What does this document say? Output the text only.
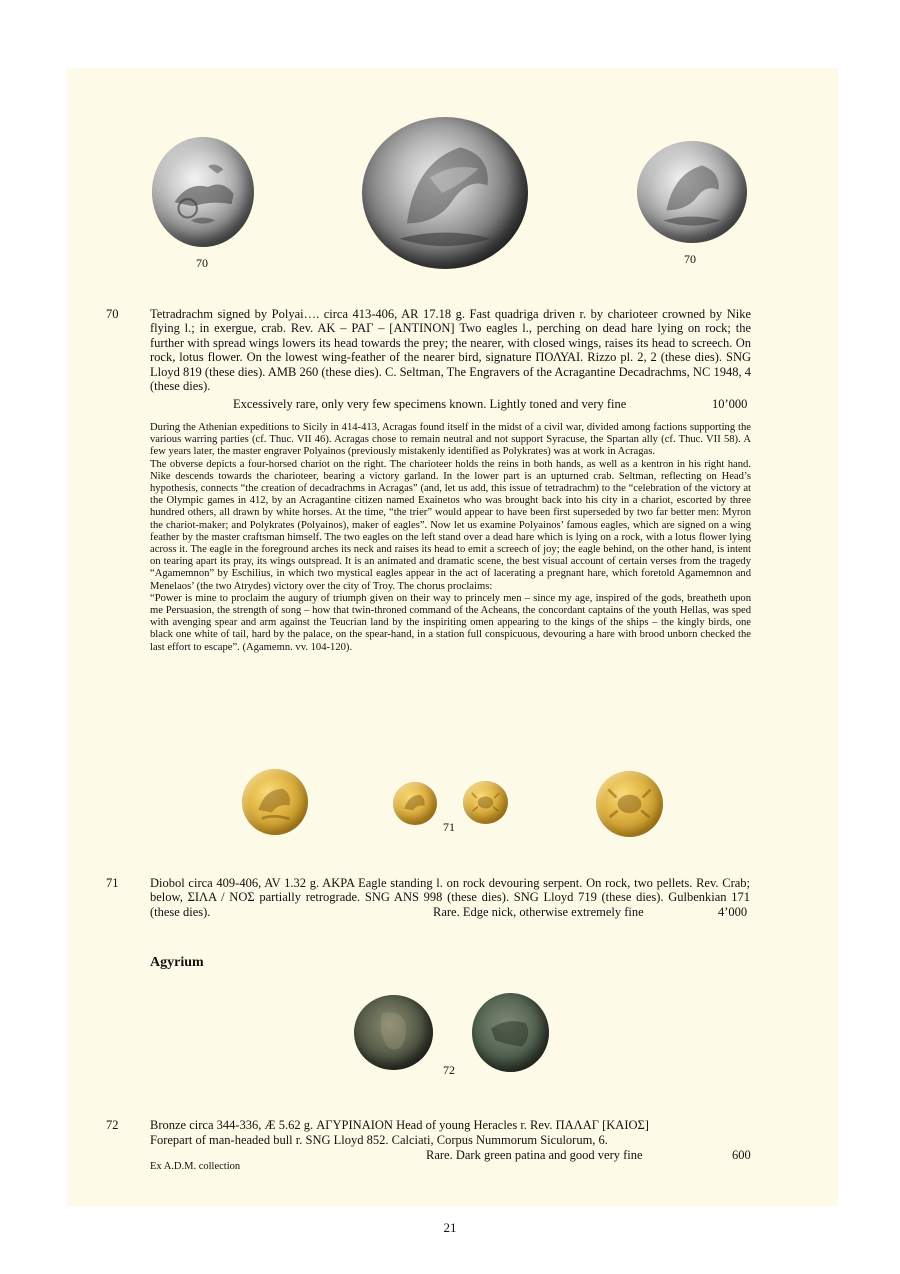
70	70
70	Tetradrachm signed by Polyai…. circa 413-406, AR 17.18 g. Fast quadriga driven r. by charioteer crowned by Nike flying l.; in exergue, crab. Rev. AK – PAΓ – [ANTINON] Two eagles l., perching on dead hare lying on rock; the further with spread wings lowers its head towards the prey; the nearer, with closed wings, raises its head to screech. On rock, lotus flower. On the lowest wing-feather of the nearer bird, signature ΠΟΛΥΑΙ. Rizzo pl. 2, 2 (these dies). SNG Lloyd 819 (these dies). AMB 260 (these dies). C. Seltman, The Engravers of the Acragantine Decadrachms, NC 1948, 4 (these dies).
Excessively rare, only very few specimens known. Lightly toned and very fine	10’000

During the Athenian expeditions to Sicily in 414-413, Acragas found itself in the midst of a civil war, divided among factions supporting the various warring parties (cf. Thuc. VII 46). Acragas chose to remain neutral and not support Syracuse, the Spartan ally (cf. Thuc. VII 58). A few years later, the master engraver Polyainos (previously mistakenly identified as Polykrates) was at work in Acragas.

The obverse depicts a four-horsed chariot on the right. The charioteer holds the reins in both hands, as well as a kentron in his right hand. Nike descends towards the charioteer, bearing a victory garland. In the lower part is an upturned crab. Seltman, reflecting on Head’s hypothesis, connects “the creation of decadrachms in Acragas” (and, let us add, this issue of tetradrachm) to the “celebration of the victory at the Olympic games in 412, by an Acragantine citizen named Exainetos who was brought back into his city in a chariot, escorted by three hundred others, all drawn by white horses. At the time, “the trier” would appear to have been first superseded by two far better men: Myron the chariot-maker; and Polykrates (Polyainos), maker of eagles”. Now let us examine Polyainos’ famous eagles, which are signed on a wing feather by the master craftsman himself. The two eagles on the left stand over a dead hare which is lying on a rock, with a lotus flower lying across it. The eagle in the foreground arches its neck and raises its head to emit a screech of joy; the eagle behind, on the other hand, is intent on tearing apart its pray, its wings outspread. It is an animated and dramatic scene, the best visual account of certain verses from the tragedy “Agamemnon” by Eschilius, in which two mystical eagles appear in the act of lacerating a pregnant hare, which foretold Agamemnon and Menelaos’ (the two Atrydes) victory over the city of Troy. The chorus proclaims:

“Power is mine to proclaim the augury of triumph given on their way to princely men – since my age, inspired of the gods, breatheth upon me Persuasion, the strength of song – how that twin-throned command of the Acheans, the concordant captains of the youth Hellas, was sped with avenging spear and arm against the Teucrian land by the inspiriting omen appearing to the kings of the ships – the kingly birds, one black one white of tail, hard by the palace, on the spear-hand, in a station full conspicuous, devouring a hare with brood unborn checked the last effort to escape”. (Agamemn. vv. 104-120).

71
71	Diobol circa 409-406, AV 1.32 g. AKPA Eagle standing l. on rock devouring serpent. On rock, two pellets. Rev. Crab; below, ΣΙΛΑ / ΝΟΣ partially retrograde. SNG ANS 998 (these dies). SNG Lloyd 719 (these dies). Gulbenkian 171 (these dies).	Rare. Edge nick, otherwise extremely fine	4’000
Agyrium
72
72	Bronze circa 344-336, Æ 5.62 g. ΑΓΥΡΙΝΑΙΟΝ Head of young Heracles r. Rev. ΠΑΛΑΓ [ΚΑΙΟΣ]
Forepart of man-headed bull r. SNG Lloyd 852. Calciati, Corpus Nummorum Siculorum, 6.
Rare. Dark green patina and good very fine	600
Ex A.D.M. collection
21
